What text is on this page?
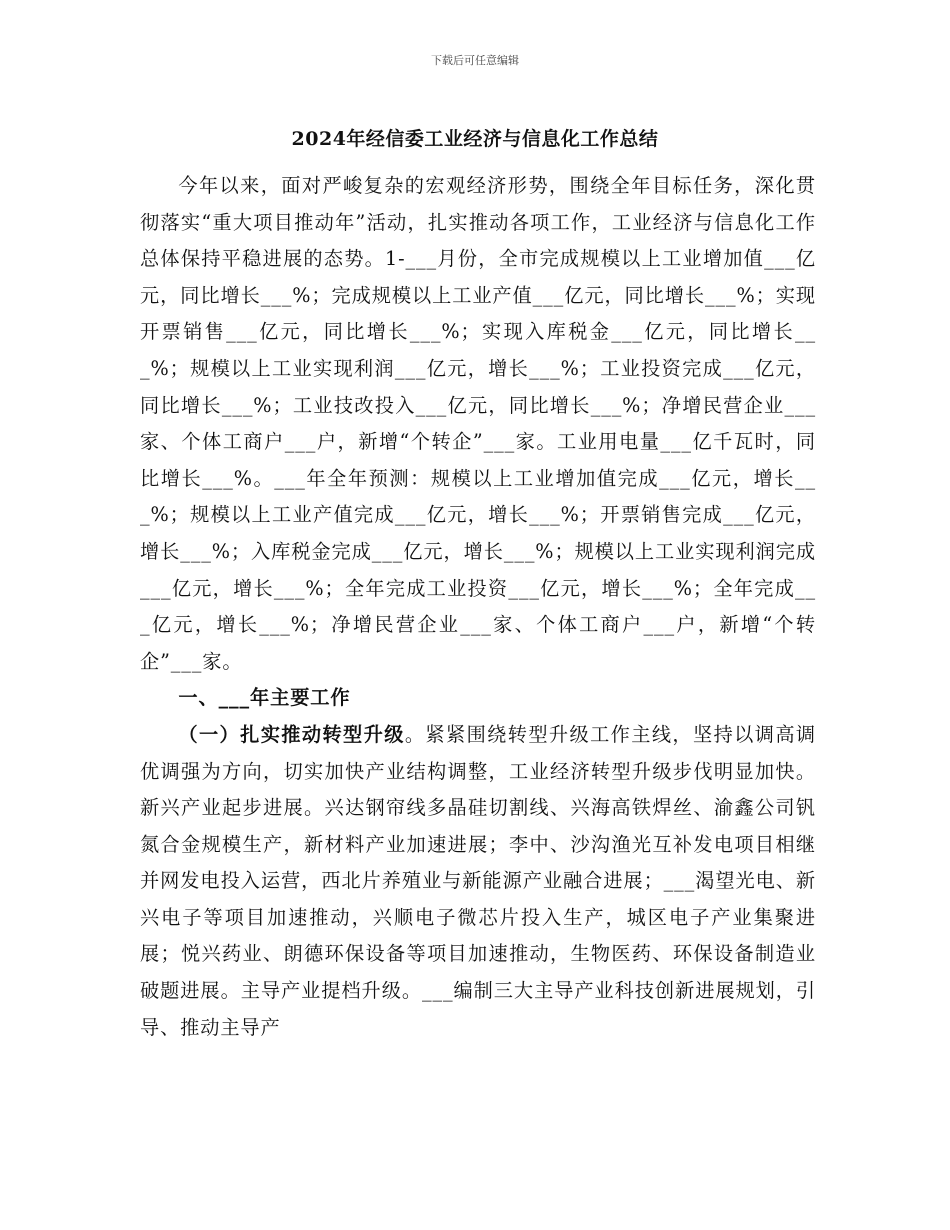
下载后可任意编辑
2024年经信委工业经济与信息化工作总结

今年以来，面对严峻复杂的宏观经济形势，围绕全年目标任务，深化贯彻落实“重大项目推动年”活动，扎实推动各项工作，工业经济与信息化工作总体保持平稳进展的态势。1-___月份，全市完成规模以上工业增加值___亿元，同比增长___%；完成规模以上工业产值___亿元，同比增长___%；实现开票销售___亿元，同比增长___%；实现入库税金___亿元，同比增长___%；规模以上工业实现利润___亿元，增长___%；工业投资完成___亿元，同比增长___%；工业技改投入___亿元，同比增长___%；净增民营企业___家、个体工商户___户，新增“个转企”___家。工业用电量___亿千瓦时，同比增长___%。___年全年预测：规模以上工业增加值完成___亿元，增长___%；规模以上工业产值完成___亿元，增长___%；开票销售完成___亿元，增长___%；入库税金完成___亿元，增长___%；规模以上工业实现利润完成___亿元，增长___%；全年完成工业投资___亿元，增长___%；全年完成___亿元，增长___%；净增民营企业___家、个体工商户___户，新增“个转企”___家。

一、___年主要工作

（一）扎实推动转型升级。紧紧围绕转型升级工作主线，坚持以调高调优调强为方向，切实加快产业结构调整，工业经济转型升级步伐明显加快。新兴产业起步进展。兴达钢帘线多晶硅切割线、兴海高铁焊丝、渝鑫公司钒氮合金规模生产，新材料产业加速进展；李中、沙沟渔光互补发电项目相继并网发电投入运营，西北片养殖业与新能源产业融合进展；___渴望光电、新兴电子等项目加速推动，兴顺电子微芯片投入生产，城区电子产业集聚进展；悦兴药业、朗德环保设备等项目加速推动，生物医药、环保设备制造业破题进展。主导产业提档升级。___编制三大主导产业科技创新进展规划，引导、推动主导产
